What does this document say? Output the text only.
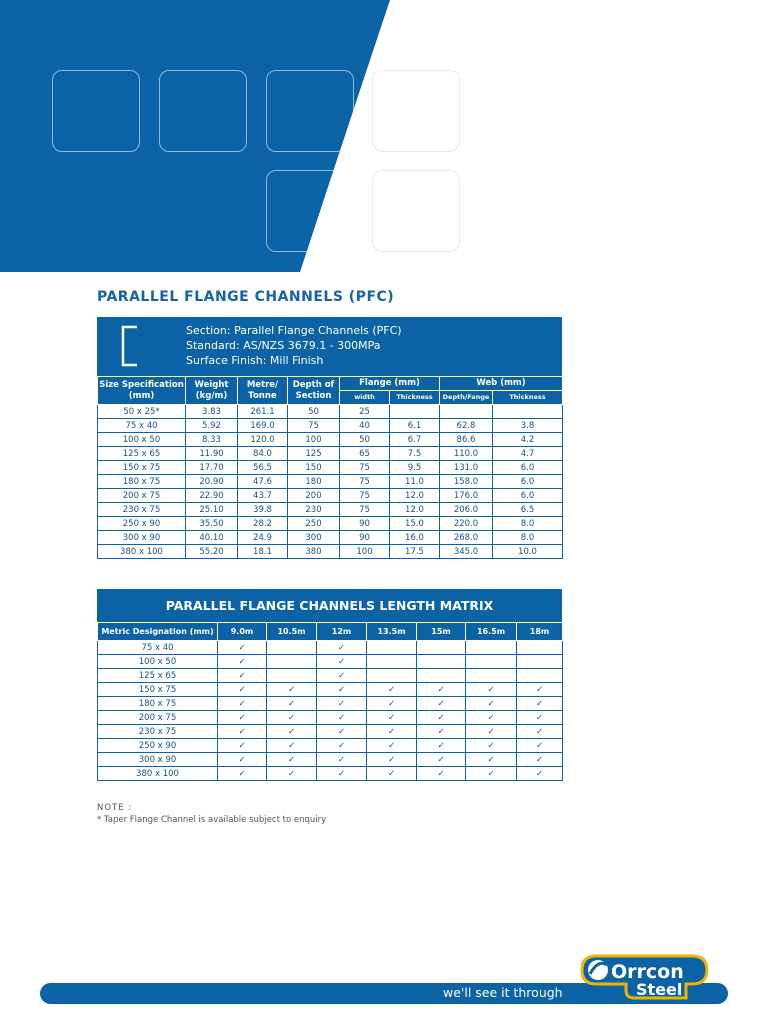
PARALLEL FLANGE CHANNELS (PFC)
Section: Parallel Flange Channels (PFC)
Standard: AS/NZS 3679.1 - 300MPa
Surface Finish: Mill Finish
Size Specification (mm)	Weight (kg/m)	Metre/ Tonne	Depth of Section	Flange (mm)		Web (mm)	
				width	Thickness	Depth/Fange	Thickness
50 x 25*	3.83	261.1	50	25			
75 x 40	5.92	169.0	75	40	6.1	62.8	3.8
100 x 50	8.33	120.0	100	50	6.7	86.6	4.2
125 x 65	11.90	84.0	125	65	7.5	110.0	4.7
150 x 75	17.70	56.5	150	75	9.5	131.0	6.0
180 x 75	20.90	47.6	180	75	11.0	158.0	6.0
200 x 75	22.90	43.7	200	75	12.0	176.0	6.0
230 x 75	25.10	39.8	230	75	12.0	206.0	6.5
250 x 90	35.50	28.2	250	90	15.0	220.0	8.0
300 x 90	40.10	24.9	300	90	16.0	268.0	8.0
380 x 100	55.20	18.1	380	100	17.5	345.0	10.0
PARALLEL FLANGE CHANNELS LENGTH MATRIX
Metric Designation (mm)	9.0m	10.5m	12m	13.5m	15m	16.5m	18m
75 x 40	✓		✓				
100 x 50	✓		✓				
125 x 65	✓		✓				
150 x 75	✓	✓	✓	✓	✓	✓	✓
180 x 75	✓	✓	✓	✓	✓	✓	✓
200 x 75	✓	✓	✓	✓	✓	✓	✓
230 x 75	✓	✓	✓	✓	✓	✓	✓
250 x 90	✓	✓	✓	✓	✓	✓	✓
300 x 90	✓	✓	✓	✓	✓	✓	✓
380 x 100	✓	✓	✓	✓	✓	✓	✓
NOTE :
* Taper Flange Channel is available subject to enquiry
we'll see it through
Orrcon
Steel
